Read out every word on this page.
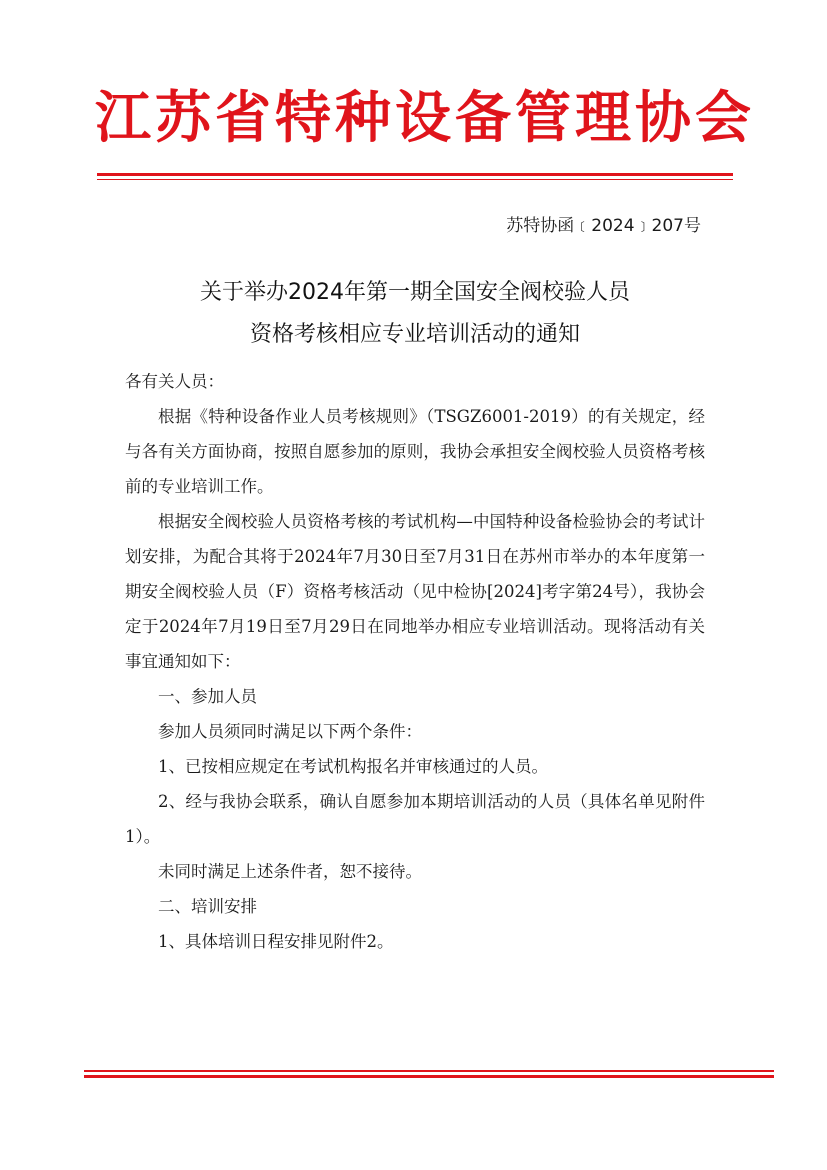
江苏省特种设备管理协会
苏特协函﹝2024﹞207号
关于举办2024年第一期全国安全阀校验人员
资格考核相应专业培训活动的通知

各有关人员：

根据《特种设备作业人员考核规则》（TSGZ6001-2019）的有关规定，经与各有关方面协商，按照自愿参加的原则，我协会承担安全阀校验人员资格考核前的专业培训工作。

根据安全阀校验人员资格考核的考试机构—中国特种设备检验协会的考试计划安排，为配合其将于2024年7月30日至7月31日在苏州市举办的本年度第一期安全阀校验人员（F）资格考核活动（见中检协[2024]考字第24号），我协会定于2024年7月19日至7月29日在同地举办相应专业培训活动。现将活动有关事宜通知如下：

一、参加人员

参加人员须同时满足以下两个条件：

1、已按相应规定在考试机构报名并审核通过的人员。

2、经与我协会联系，确认自愿参加本期培训活动的人员（具体名单见附件1）。

未同时满足上述条件者，恕不接待。

二、培训安排

1、具体培训日程安排见附件2。
